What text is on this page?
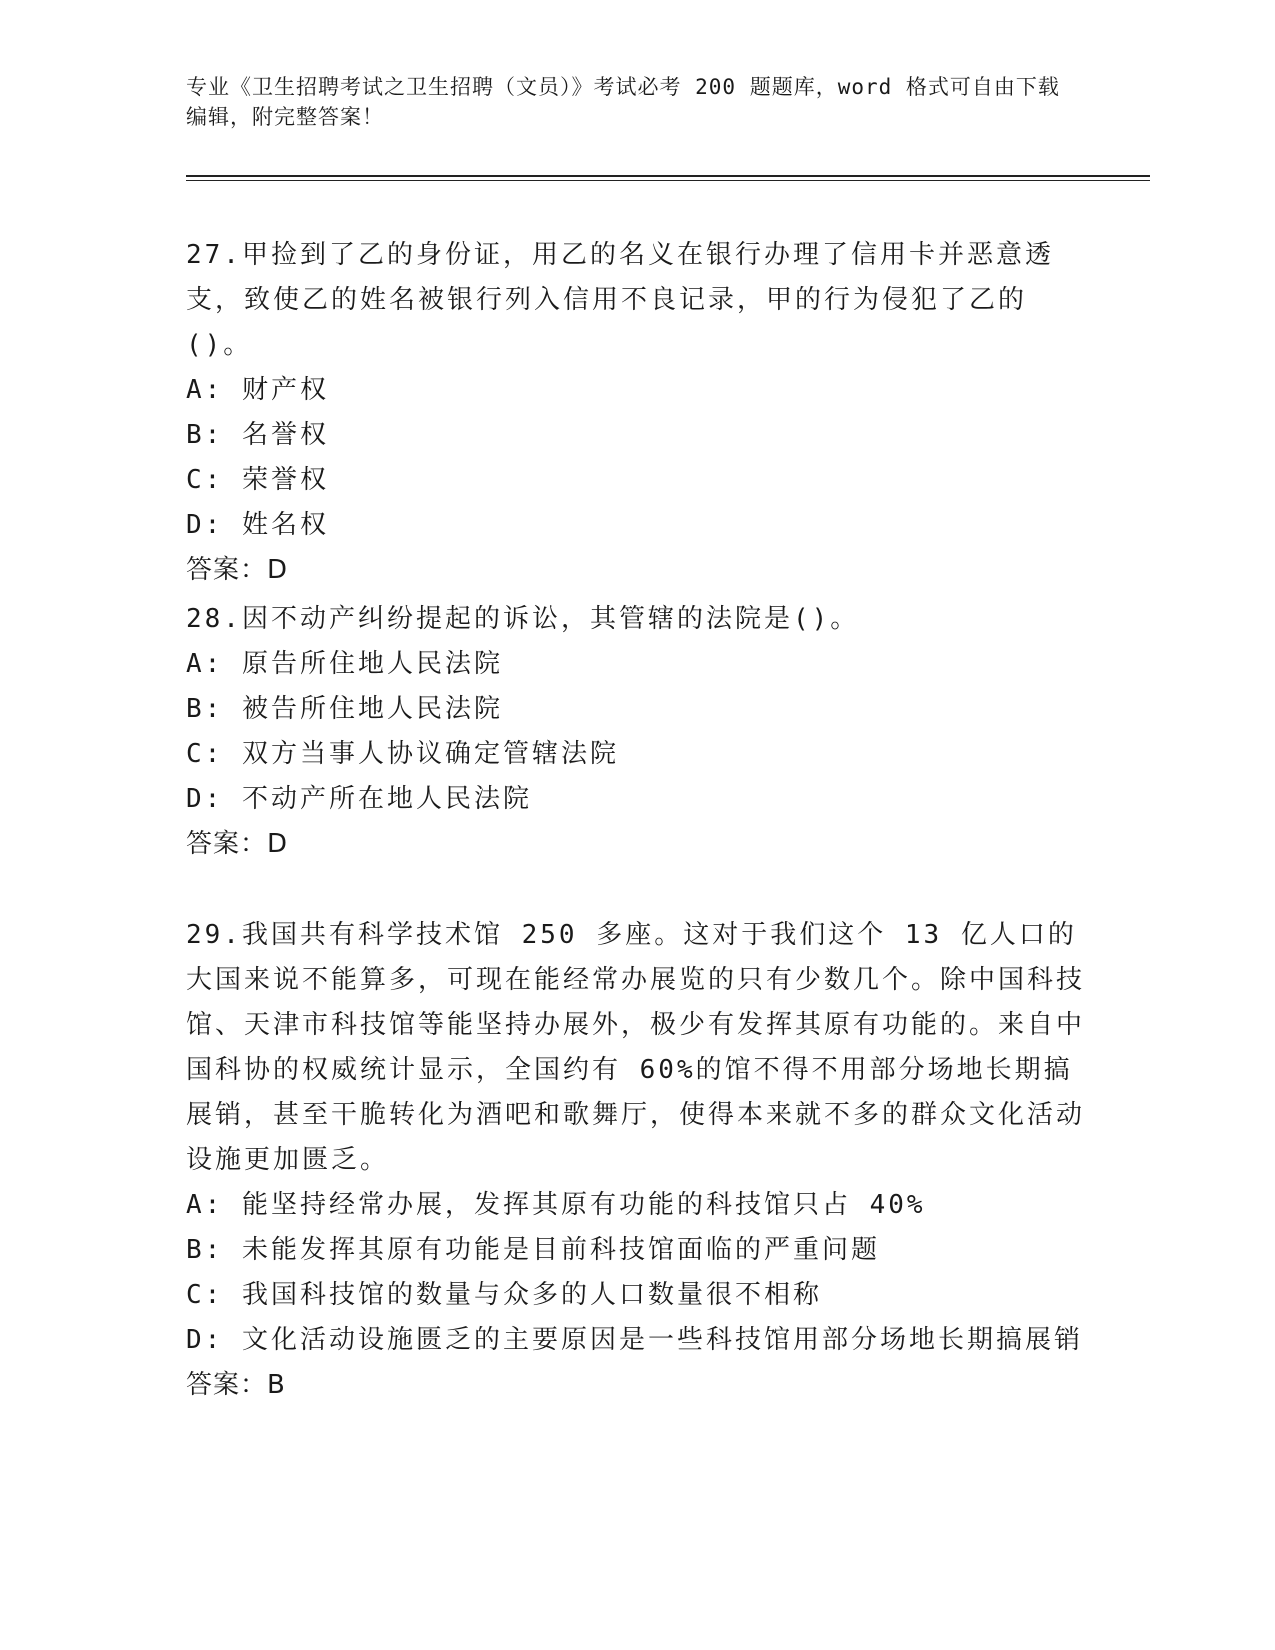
专业《卫生招聘考试之卫生招聘（文员）》考试必考 200 题题库，word 格式可自由下载编辑，附完整答案！
27.甲捡到了乙的身份证，用乙的名义在银行办理了信用卡并恶意透支，致使乙的姓名被银行列入信用不良记录，甲的行为侵犯了乙的()。
A: 财产权
B: 名誉权
C: 荣誉权
D: 姓名权
答案：D
28.因不动产纠纷提起的诉讼，其管辖的法院是()。
A: 原告所住地人民法院
B: 被告所住地人民法院
C: 双方当事人协议确定管辖法院
D: 不动产所在地人民法院
答案：D
29.我国共有科学技术馆 250 多座。这对于我们这个 13 亿人口的大国来说不能算多，可现在能经常办展览的只有少数几个。除中国科技馆、天津市科技馆等能坚持办展外，极少有发挥其原有功能的。来自中国科协的权威统计显示，全国约有 60%的馆不得不用部分场地长期搞展销，甚至干脆转化为酒吧和歌舞厅，使得本来就不多的群众文化活动设施更加匮乏。
A: 能坚持经常办展，发挥其原有功能的科技馆只占 40%
B: 未能发挥其原有功能是目前科技馆面临的严重问题
C: 我国科技馆的数量与众多的人口数量很不相称
D: 文化活动设施匮乏的主要原因是一些科技馆用部分场地长期搞展销
答案：B
